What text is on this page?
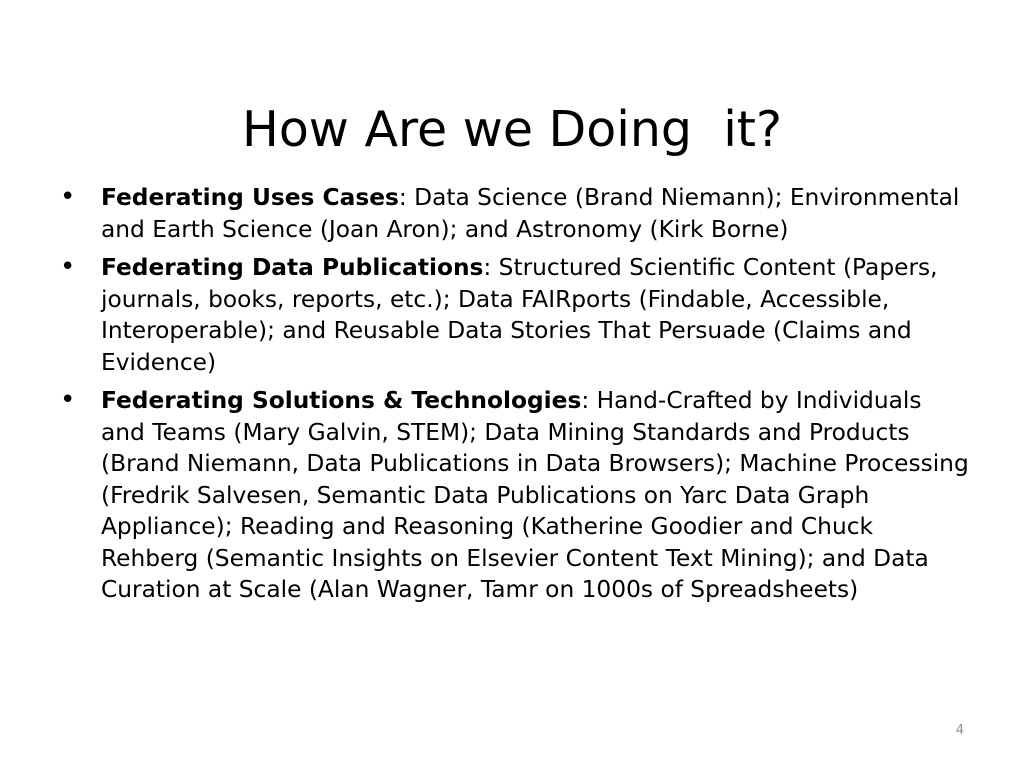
How Are we Doing  it?
• Federating Uses Cases: Data Science (Brand Niemann); Environmental and Earth Science (Joan Aron); and Astronomy (Kirk Borne)
• Federating Data Publications: Structured Scientific Content (Papers, journals, books, reports, etc.); Data FAIRports (Findable, Accessible, Interoperable); and Reusable Data Stories That Persuade (Claims and Evidence)
• Federating Solutions & Technologies: Hand-Crafted by Individuals and Teams (Mary Galvin, STEM); Data Mining Standards and Products (Brand Niemann, Data Publications in Data Browsers); Machine Processing (Fredrik Salvesen, Semantic Data Publications on Yarc Data Graph Appliance); Reading and Reasoning (Katherine Goodier and Chuck Rehberg (Semantic Insights on Elsevier Content Text Mining); and Data Curation at Scale (Alan Wagner, Tamr on 1000s of Spreadsheets)
4
